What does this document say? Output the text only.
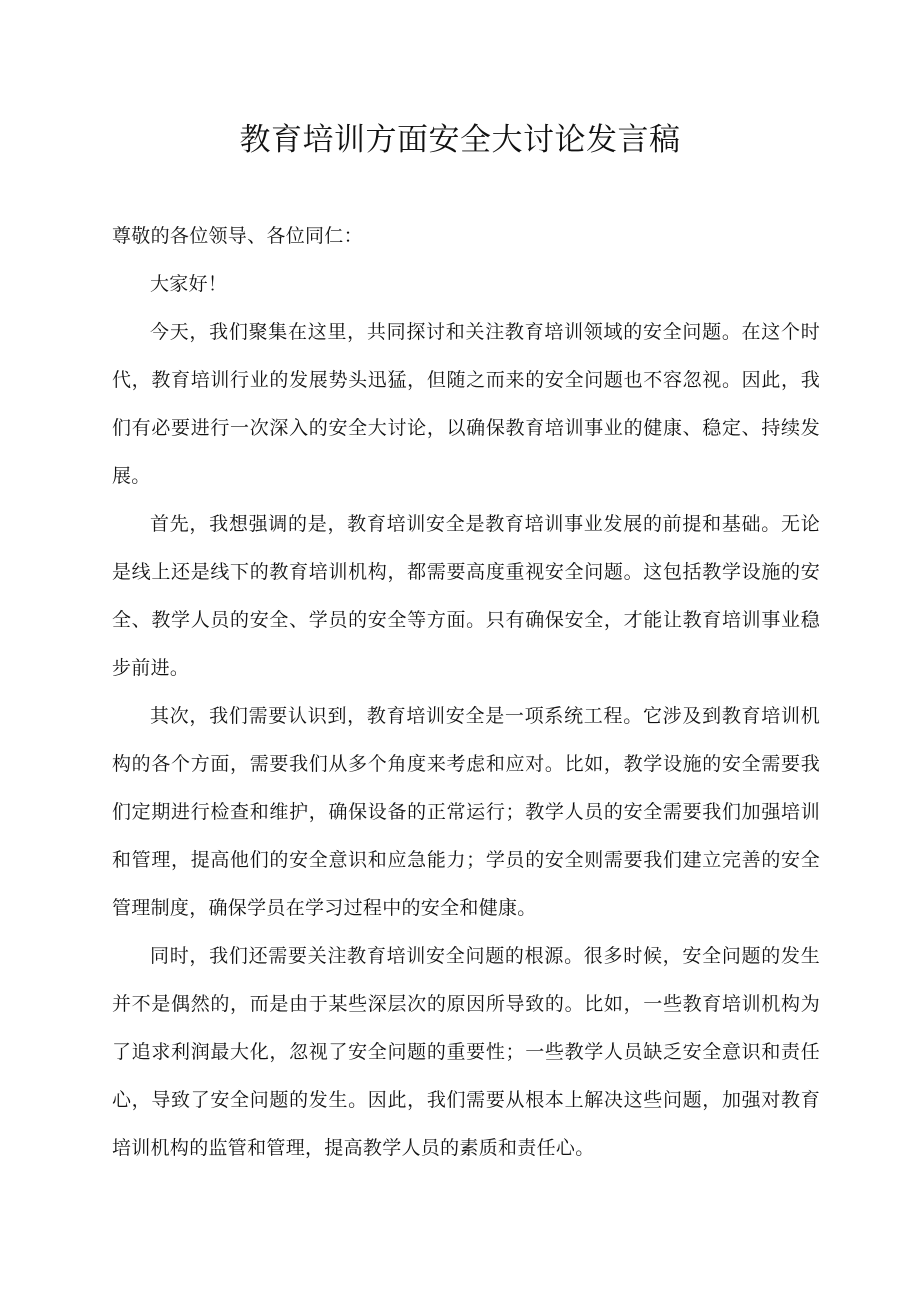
教育培训方面安全大讨论发言稿

尊敬的各位领导、各位同仁：

大家好！

今天，我们聚集在这里，共同探讨和关注教育培训领域的安全问题。在这个时代，教育培训行业的发展势头迅猛，但随之而来的安全问题也不容忽视。因此，我们有必要进行一次深入的安全大讨论，以确保教育培训事业的健康、稳定、持续发展。

首先，我想强调的是，教育培训安全是教育培训事业发展的前提和基础。无论是线上还是线下的教育培训机构，都需要高度重视安全问题。这包括教学设施的安全、教学人员的安全、学员的安全等方面。只有确保安全，才能让教育培训事业稳步前进。

其次，我们需要认识到，教育培训安全是一项系统工程。它涉及到教育培训机构的各个方面，需要我们从多个角度来考虑和应对。比如，教学设施的安全需要我们定期进行检查和维护，确保设备的正常运行；教学人员的安全需要我们加强培训和管理，提高他们的安全意识和应急能力；学员的安全则需要我们建立完善的安全管理制度，确保学员在学习过程中的安全和健康。

同时，我们还需要关注教育培训安全问题的根源。很多时候，安全问题的发生并不是偶然的，而是由于某些深层次的原因所导致的。比如，一些教育培训机构为了追求利润最大化，忽视了安全问题的重要性；一些教学人员缺乏安全意识和责任心，导致了安全问题的发生。因此，我们需要从根本上解决这些问题，加强对教育培训机构的监管和管理，提高教学人员的素质和责任心。
